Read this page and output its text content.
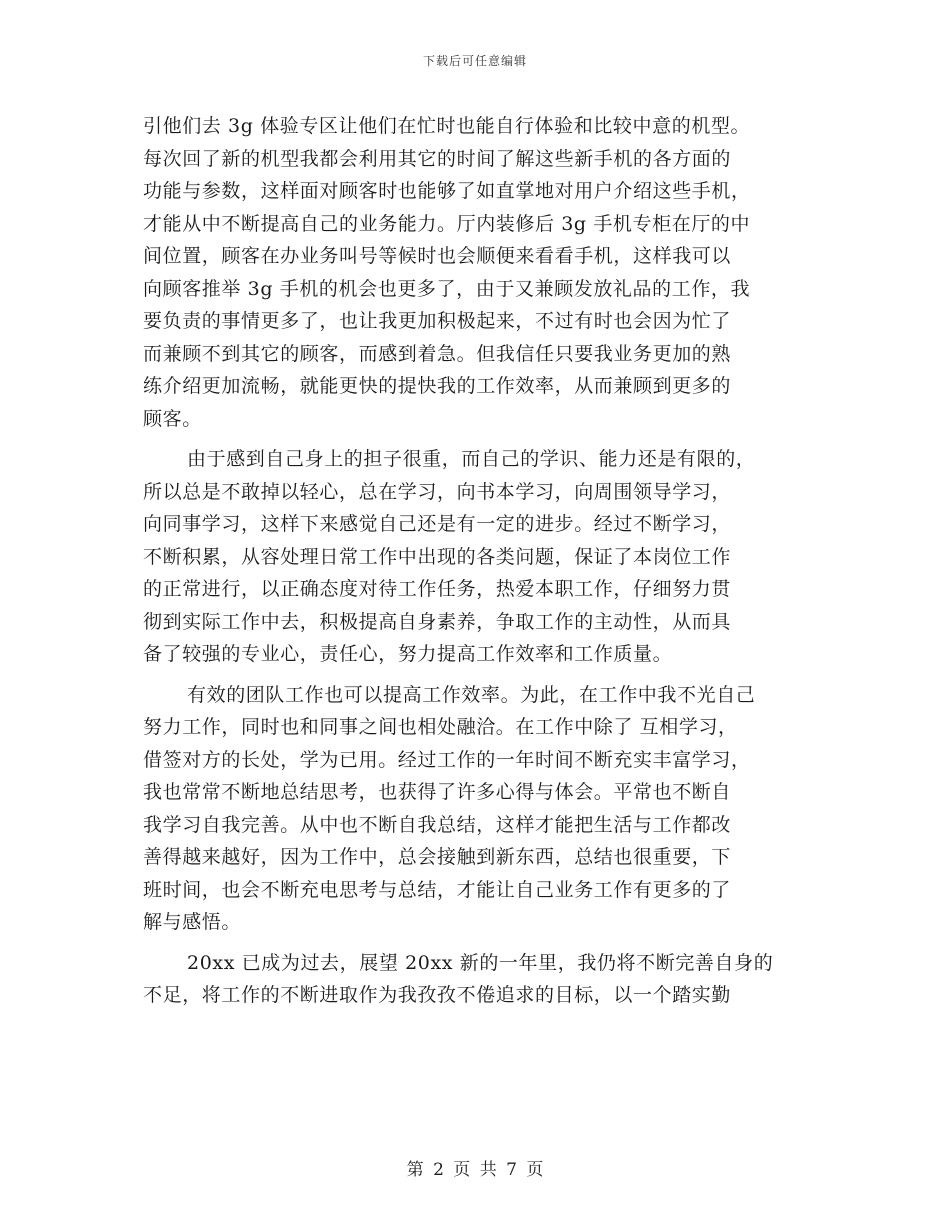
下载后可任意编辑
引他们去 3g 体验专区让他们在忙时也能自行体验和比较中意的机型。
每次回了新的机型我都会利用其它的时间了解这些新手机的各方面的
功能与参数，这样面对顾客时也能够了如直掌地对用户介绍这些手机，
才能从中不断提高自己的业务能力。厅内装修后 3g 手机专柜在厅的中
间位置，顾客在办业务叫号等候时也会顺便来看看手机，这样我可以
向顾客推举 3g 手机的机会也更多了，由于又兼顾发放礼品的工作，我
要负责的事情更多了，也让我更加积极起来，不过有时也会因为忙了
而兼顾不到其它的顾客，而感到着急。但我信任只要我业务更加的熟
练介绍更加流畅，就能更快的提快我的工作效率，从而兼顾到更多的
顾客。
由于感到自己身上的担子很重，而自己的学识、能力还是有限的，
所以总是不敢掉以轻心，总在学习，向书本学习，向周围领导学习，
向同事学习，这样下来感觉自己还是有一定的进步。经过不断学习，
不断积累，从容处理日常工作中出现的各类问题，保证了本岗位工作
的正常进行，以正确态度对待工作任务，热爱本职工作，仔细努力贯
彻到实际工作中去，积极提高自身素养，争取工作的主动性，从而具
备了较强的专业心，责任心，努力提高工作效率和工作质量。
有效的团队工作也可以提高工作效率。为此，在工作中我不光自己
努力工作，同时也和同事之间也相处融洽。在工作中除了 互相学习，
借签对方的长处，学为已用。经过工作的一年时间不断充实丰富学习，
我也常常不断地总结思考，也获得了许多心得与体会。平常也不断自
我学习自我完善。从中也不断自我总结，这样才能把生活与工作都改
善得越来越好，因为工作中，总会接触到新东西，总结也很重要，下
班时间，也会不断充电思考与总结，才能让自己业务工作有更多的了
解与感悟。
20xx 已成为过去，展望 20xx 新的一年里，我仍将不断完善自身的
不足，将工作的不断进取作为我孜孜不倦追求的目标，以一个踏实勤
第 2 页 共 7 页
